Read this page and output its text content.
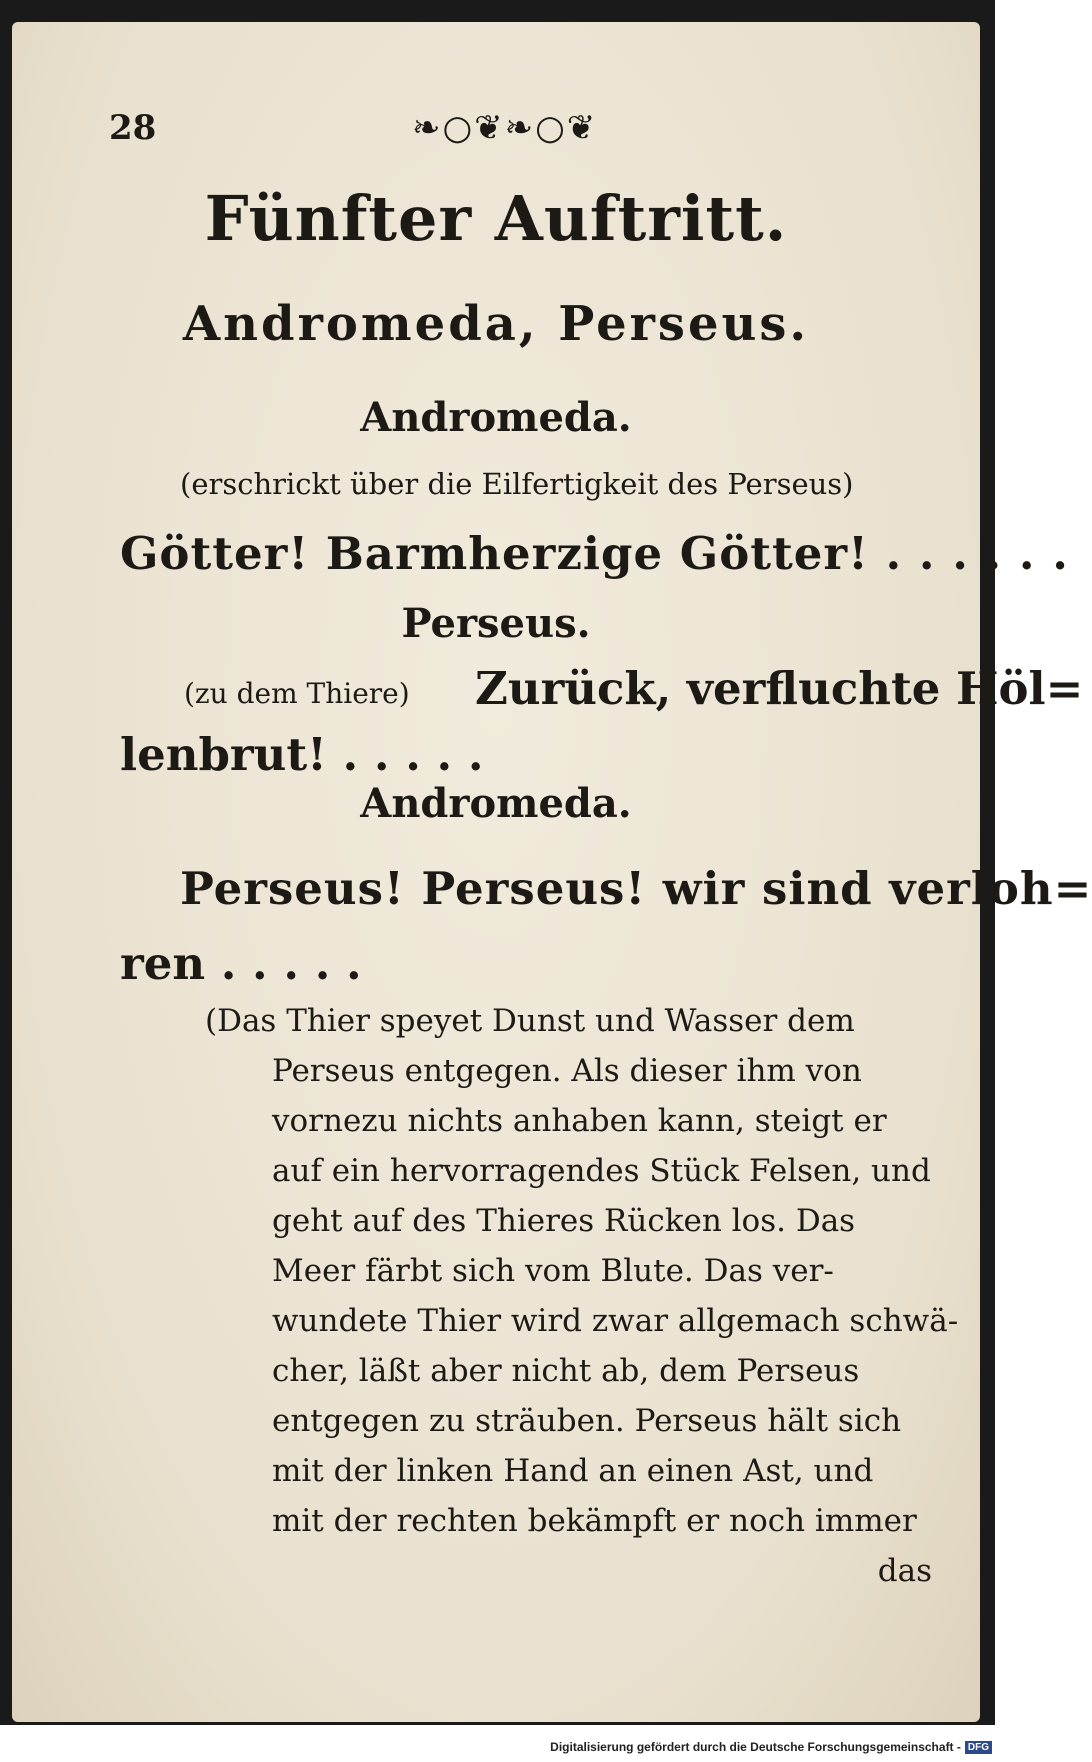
28	❧○❦❧○❦
Fünfter Auftritt.
Andromeda, Perseus.
Andromeda.
(erschrickt über die Eilfertigkeit des Perseus)
Götter! Barmherzige Götter! . . . . . .
Perseus.
(zu dem Thiere) Zurück, verfluchte Höl=
lenbrut! . . . . .
Andromeda.
Perseus! Perseus! wir sind verloh=
ren . . . . .
(Das Thier speyet Dunst und Wasser dem
Perseus entgegen. Als dieser ihm von
vornezu nichts anhaben kann, steigt er
auf ein hervorragendes Stück Felsen, und
geht auf des Thieres Rücken los. Das
Meer färbt sich vom Blute. Das ver-
wundete Thier wird zwar allgemach schwä-
cher, läßt aber nicht ab, dem Perseus
entgegen zu sträuben. Perseus hält sich
mit der linken Hand an einen Ast, und
mit der rechten bekämpft er noch immer
das
Digitalisierung gefördert durch die Deutsche Forschungsgemeinschaft - DFG
